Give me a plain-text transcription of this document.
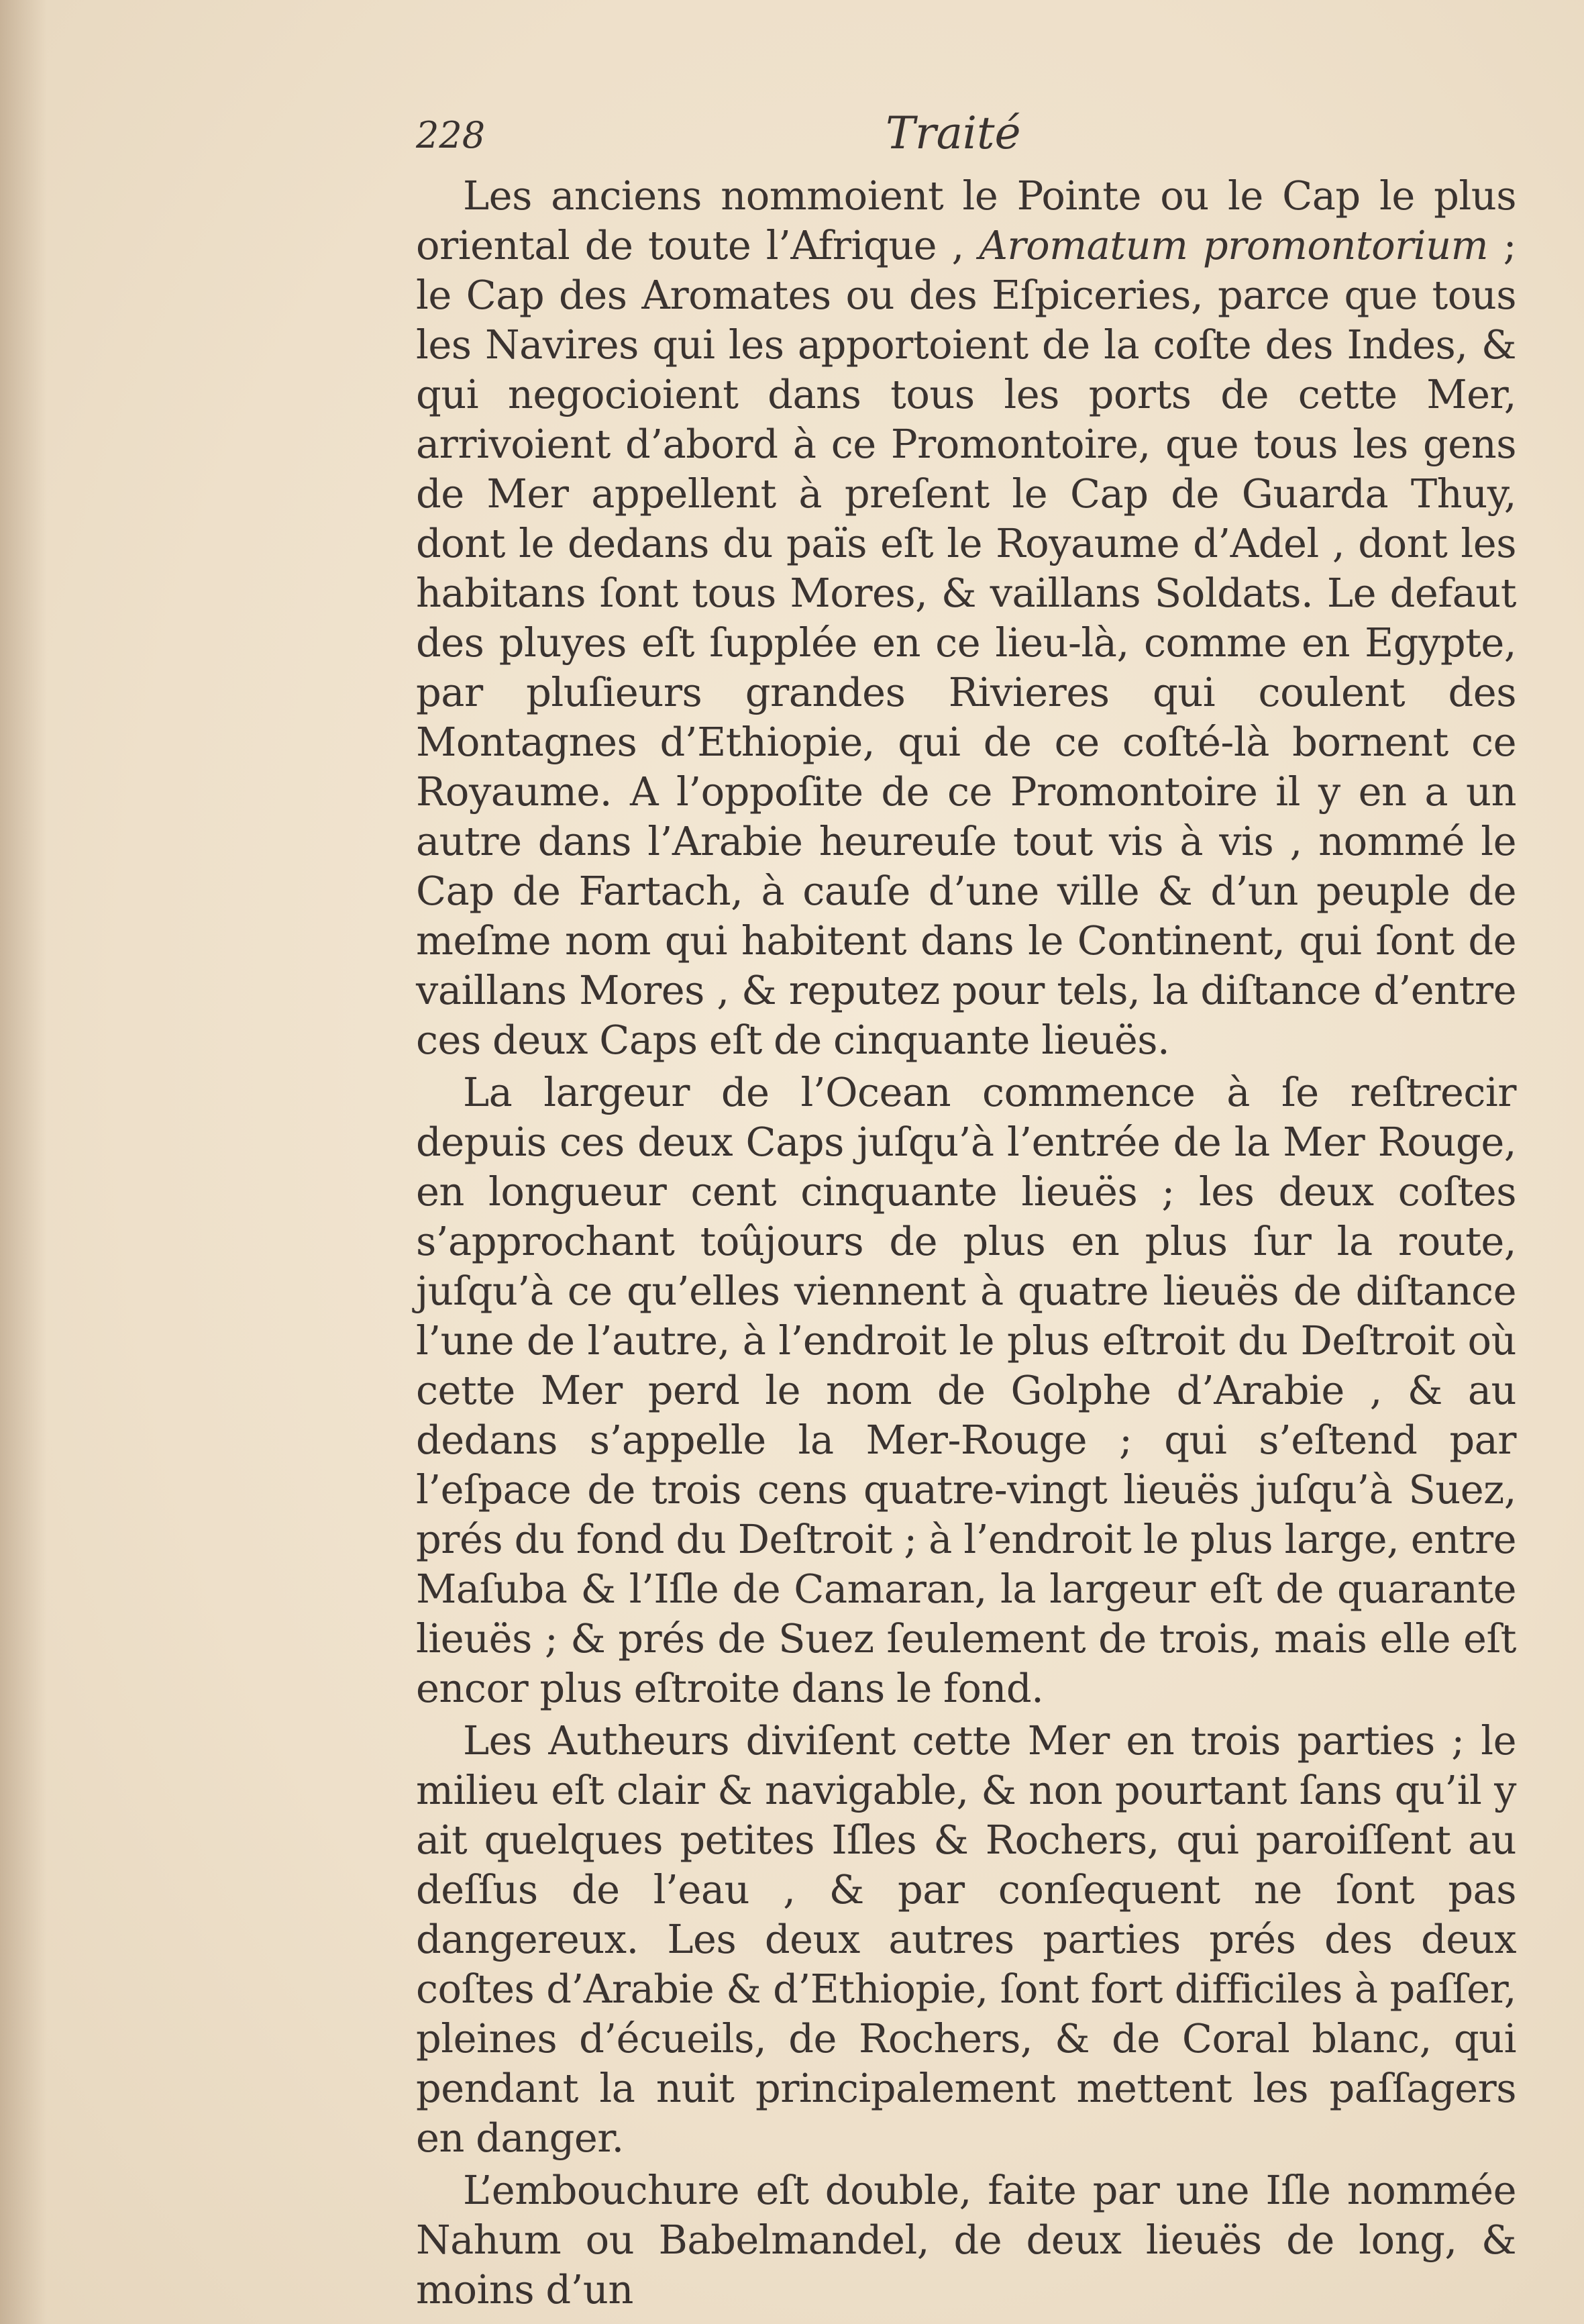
228	Traité

Les anciens nommoient le Pointe ou le Cap le plus oriental de toute l’Afrique , Aromatum promontorium ; le Cap des Aromates ou des Eſpiceries, parce que tous les Navires qui les apportoient de la coſte des Indes, & qui negocioient dans tous les ports de cette Mer, arrivoient d’abord à ce Promontoire, que tous les gens de Mer appellent à preſent le Cap de Guarda Thuy, dont le dedans du païs eſt le Royaume d’Adel , dont les habitans ſont tous Mores, & vaillans Soldats. Le defaut des pluyes eſt ſupplée en ce lieu-là, comme en Egypte, par pluſieurs grandes Rivieres qui coulent des Montagnes d’Ethiopie, qui de ce coſté-là bornent ce Royaume. A l’oppoſite de ce Promontoire il y en a un autre dans l’Arabie heureuſe tout vis à vis , nommé le Cap de Fartach, à cauſe d’une ville & d’un peuple de meſme nom qui habitent dans le Continent, qui ſont de vaillans Mores , & reputez pour tels, la diſtance d’entre ces deux Caps eſt de cinquante lieuës.

La largeur de l’Ocean commence à ſe reſtrecir depuis ces deux Caps juſqu’à l’entrée de la Mer Rouge, en longueur cent cinquante lieuës ; les deux coſtes s’approchant toûjours de plus en plus ſur la route, juſqu’à ce qu’elles viennent à quatre lieuës de diſtance l’une de l’autre, à l’endroit le plus eſtroit du Deſtroit où cette Mer perd le nom de Golphe d’Arabie , & au dedans s’appelle la Mer-Rouge ; qui s’eſtend par l’eſpace de trois cens quatre-vingt lieuës juſqu’à Suez, prés du fond du Deſtroit ; à l’endroit le plus large, entre Maſuba & l’Iſle de Camaran, la largeur eſt de quarante lieuës ; & prés de Suez ſeulement de trois, mais elle eſt encor plus eſtroite dans le fond.

Les Autheurs diviſent cette Mer en trois parties ; le milieu eſt clair & navigable, & non pourtant ſans qu’il y ait quelques petites Iſles & Rochers, qui paroiſſent au deſſus de l’eau , & par conſequent ne ſont pas dangereux. Les deux autres parties prés des deux coſtes d’Arabie & d’Ethiopie, ſont fort difficiles à paſſer, pleines d’écueils, de Rochers, & de Coral blanc, qui pendant la nuit principalement mettent les paſſagers en danger.

L’embouchure eſt double, faite par une Iſle nommée Nahum ou Babelmandel, de deux lieuës de long, & moins d’un
